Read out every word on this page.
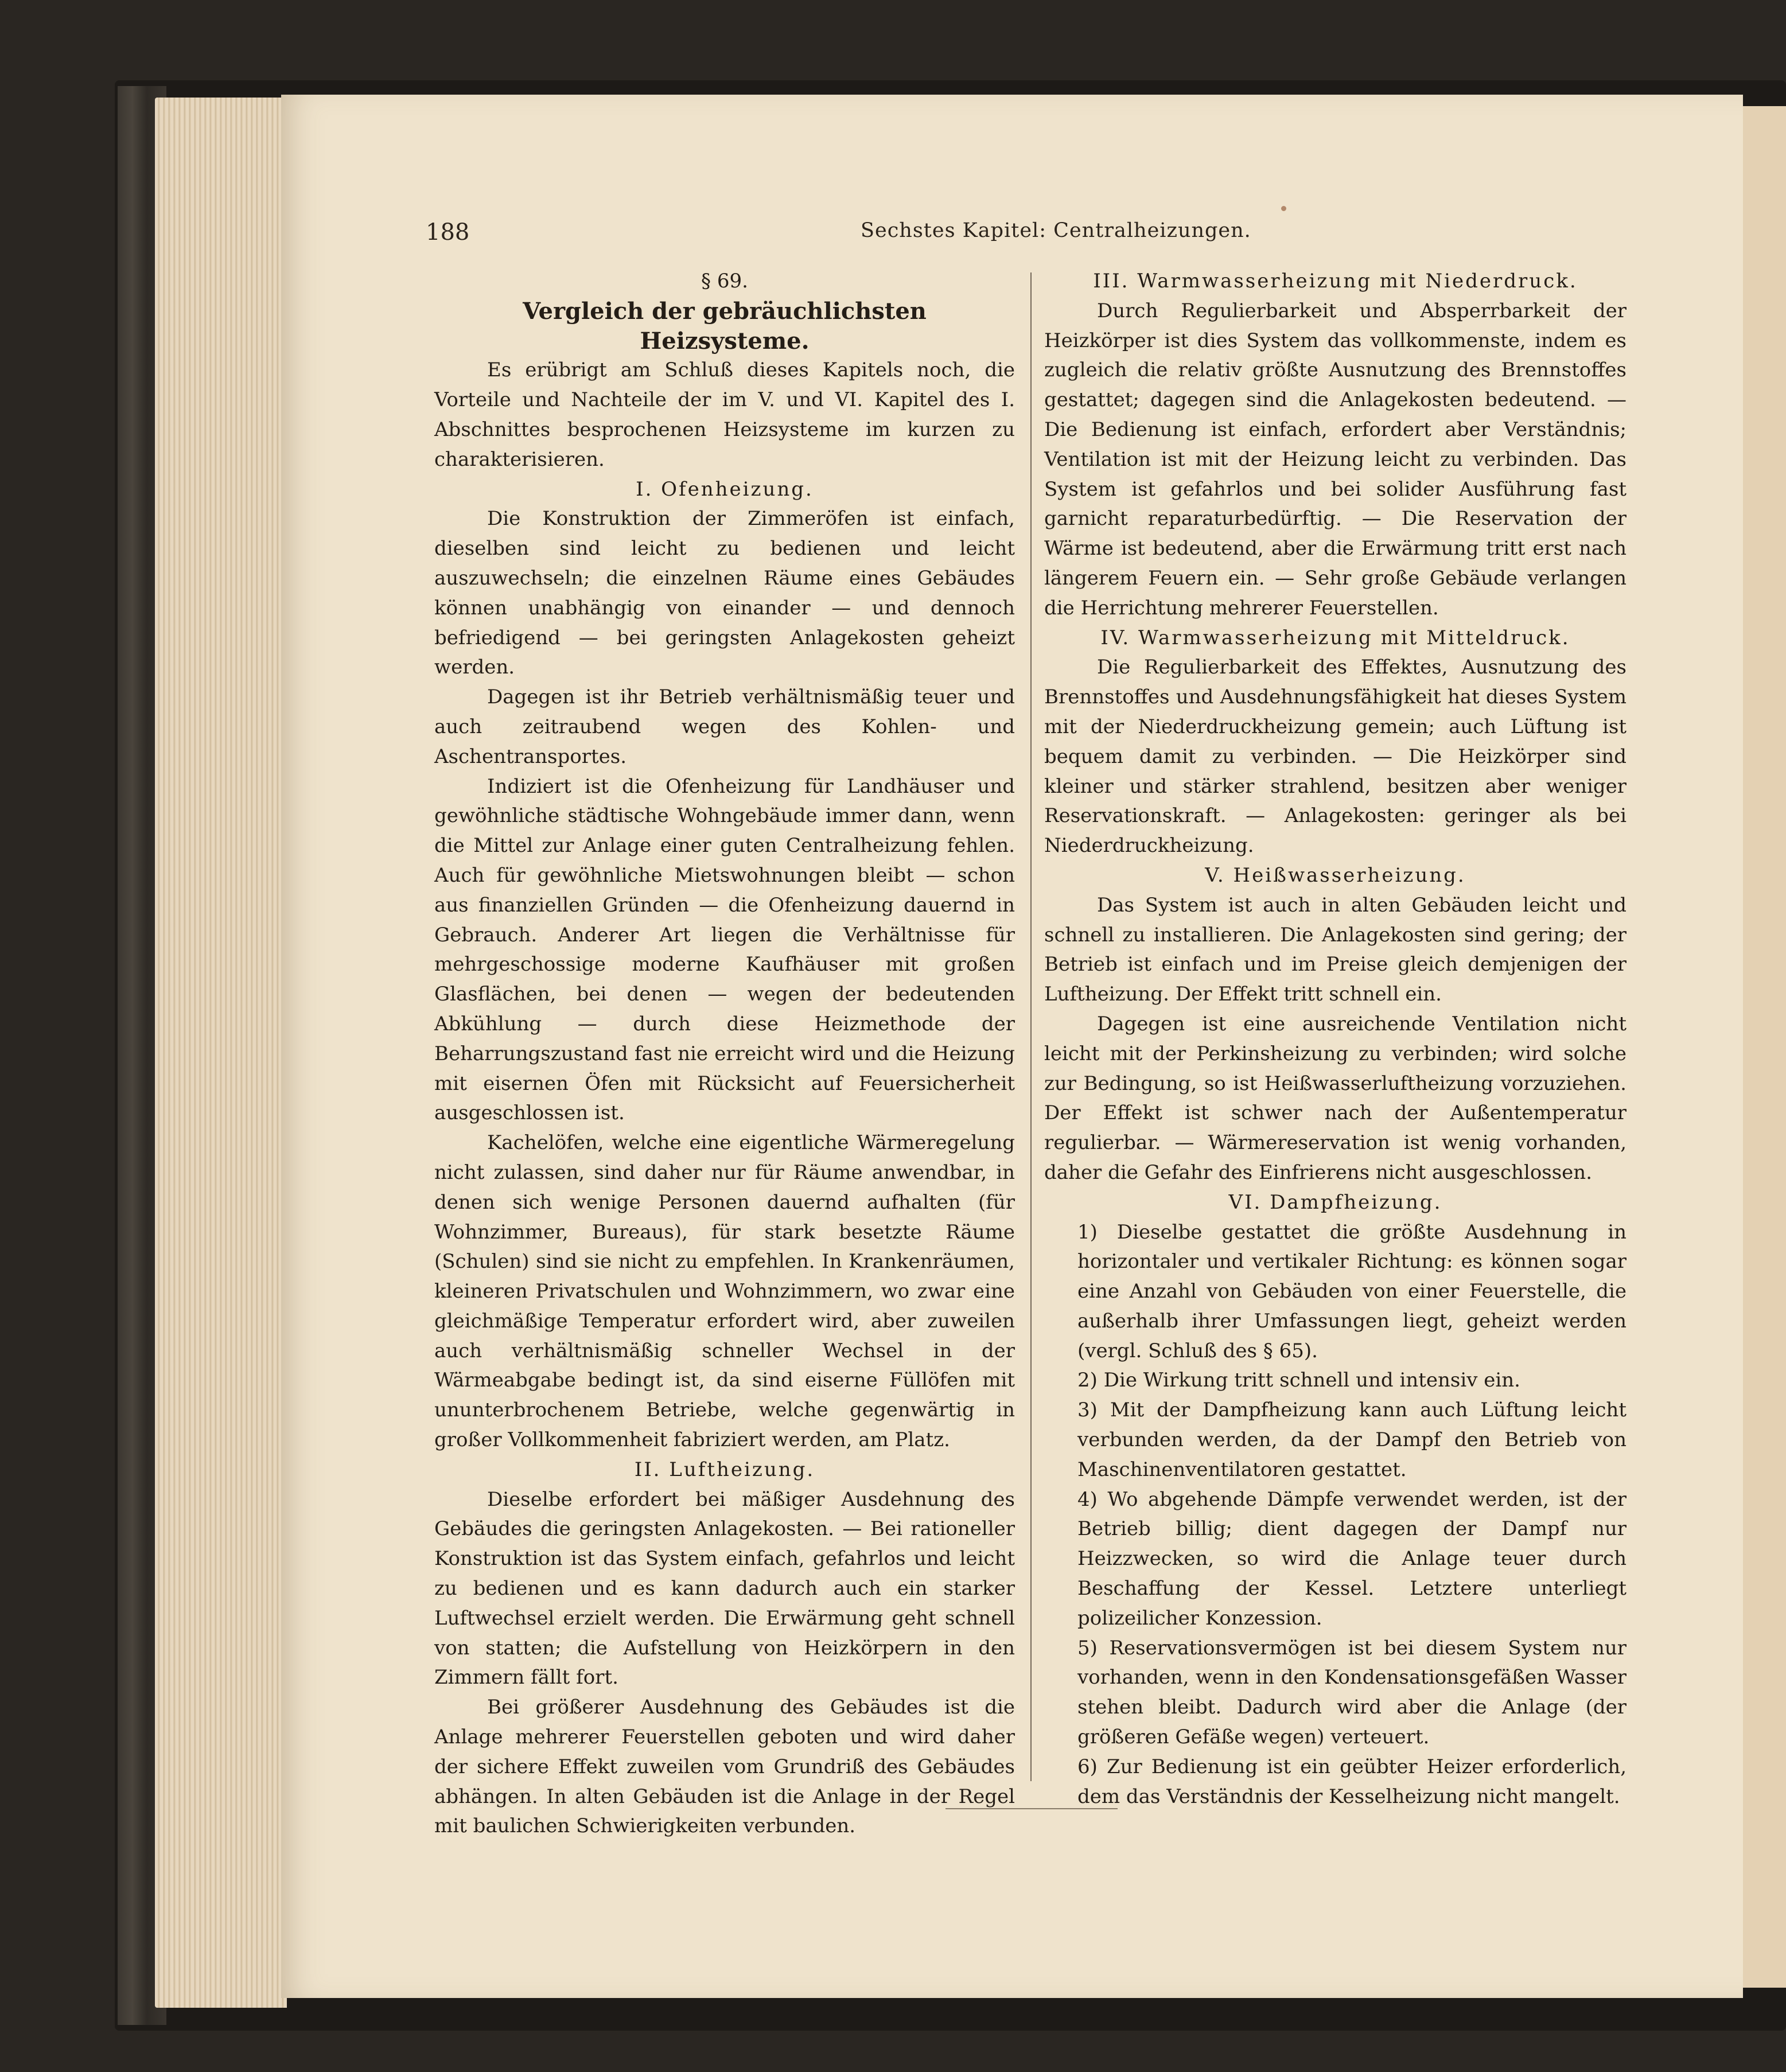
188	Sechstes Kapitel: Centralheizungen.

§ 69.

Vergleich der gebräuchlichsten Heizsysteme.

Es erübrigt am Schluß dieses Kapitels noch, die Vorteile und Nachteile der im V. und VI. Kapitel des I. Abschnittes besprochenen Heizsysteme im kurzen zu charakterisieren.

I. Ofenheizung.

Die Konstruktion der Zimmeröfen ist einfach, dieselben sind leicht zu bedienen und leicht auszuwechseln; die einzelnen Räume eines Gebäudes können unabhängig von einander — und dennoch befriedigend — bei geringsten Anlagekosten geheizt werden.

Dagegen ist ihr Betrieb verhältnismäßig teuer und auch zeitraubend wegen des Kohlen- und Aschentransportes.

Indiziert ist die Ofenheizung für Landhäuser und gewöhnliche städtische Wohngebäude immer dann, wenn die Mittel zur Anlage einer guten Centralheizung fehlen. Auch für gewöhnliche Mietswohnungen bleibt — schon aus finanziellen Gründen — die Ofenheizung dauernd in Gebrauch. Anderer Art liegen die Verhältnisse für mehrgeschossige moderne Kaufhäuser mit großen Glasflächen, bei denen — wegen der bedeutenden Abkühlung — durch diese Heizmethode der Beharrungszustand fast nie erreicht wird und die Heizung mit eisernen Öfen mit Rücksicht auf Feuersicherheit ausgeschlossen ist.

Kachelöfen, welche eine eigentliche Wärmeregelung nicht zulassen, sind daher nur für Räume anwendbar, in denen sich wenige Personen dauernd aufhalten (für Wohnzimmer, Bureaus), für stark besetzte Räume (Schulen) sind sie nicht zu empfehlen. In Krankenräumen, kleineren Privatschulen und Wohnzimmern, wo zwar eine gleichmäßige Temperatur erfordert wird, aber zuweilen auch verhältnismäßig schneller Wechsel in der Wärmeabgabe bedingt ist, da sind eiserne Füllöfen mit ununterbrochenem Betriebe, welche gegenwärtig in großer Vollkommenheit fabriziert werden, am Platz.

II. Luftheizung.

Dieselbe erfordert bei mäßiger Ausdehnung des Gebäudes die geringsten Anlagekosten. — Bei rationeller Konstruktion ist das System einfach, gefahrlos und leicht zu bedienen und es kann dadurch auch ein starker Luftwechsel erzielt werden. Die Erwärmung geht schnell von statten; die Aufstellung von Heizkörpern in den Zimmern fällt fort.

Bei größerer Ausdehnung des Gebäudes ist die Anlage mehrerer Feuerstellen geboten und wird daher der sichere Effekt zuweilen vom Grundriß des Gebäudes abhängen. In alten Gebäuden ist die Anlage in der Regel mit baulichen Schwierigkeiten verbunden.

III. Warmwasserheizung mit Niederdruck.

Durch Regulierbarkeit und Absperrbarkeit der Heizkörper ist dies System das vollkommenste, indem es zugleich die relativ größte Ausnutzung des Brennstoffes gestattet; dagegen sind die Anlagekosten bedeutend. — Die Bedienung ist einfach, erfordert aber Verständnis; Ventilation ist mit der Heizung leicht zu verbinden. Das System ist gefahrlos und bei solider Ausführung fast garnicht reparaturbedürftig. — Die Reservation der Wärme ist bedeutend, aber die Erwärmung tritt erst nach längerem Feuern ein. — Sehr große Gebäude verlangen die Herrichtung mehrerer Feuerstellen.

IV. Warmwasserheizung mit Mitteldruck.

Die Regulierbarkeit des Effektes, Ausnutzung des Brennstoffes und Ausdehnungsfähigkeit hat dieses System mit der Niederdruckheizung gemein; auch Lüftung ist bequem damit zu verbinden. — Die Heizkörper sind kleiner und stärker strahlend, besitzen aber weniger Reservationskraft. — Anlagekosten: geringer als bei Niederdruckheizung.

V. Heißwasserheizung.

Das System ist auch in alten Gebäuden leicht und schnell zu installieren. Die Anlagekosten sind gering; der Betrieb ist einfach und im Preise gleich demjenigen der Luftheizung. Der Effekt tritt schnell ein.

Dagegen ist eine ausreichende Ventilation nicht leicht mit der Perkinsheizung zu verbinden; wird solche zur Bedingung, so ist Heißwasserluftheizung vorzuziehen. Der Effekt ist schwer nach der Außentemperatur regulierbar. — Wärmereservation ist wenig vorhanden, daher die Gefahr des Einfrierens nicht ausgeschlossen.

VI. Dampfheizung.

1) Dieselbe gestattet die größte Ausdehnung in horizontaler und vertikaler Richtung: es können sogar eine Anzahl von Gebäuden von einer Feuerstelle, die außerhalb ihrer Umfassungen liegt, geheizt werden (vergl. Schluß des § 65).

2) Die Wirkung tritt schnell und intensiv ein.

3) Mit der Dampfheizung kann auch Lüftung leicht verbunden werden, da der Dampf den Betrieb von Maschinenventilatoren gestattet.

4) Wo abgehende Dämpfe verwendet werden, ist der Betrieb billig; dient dagegen der Dampf nur Heizzwecken, so wird die Anlage teuer durch Beschaffung der Kessel. Letztere unterliegt polizeilicher Konzession.

5) Reservationsvermögen ist bei diesem System nur vorhanden, wenn in den Kondensationsgefäßen Wasser stehen bleibt. Dadurch wird aber die Anlage (der größeren Gefäße wegen) verteuert.

6) Zur Bedienung ist ein geübter Heizer erforderlich, dem das Verständnis der Kesselheizung nicht mangelt.
